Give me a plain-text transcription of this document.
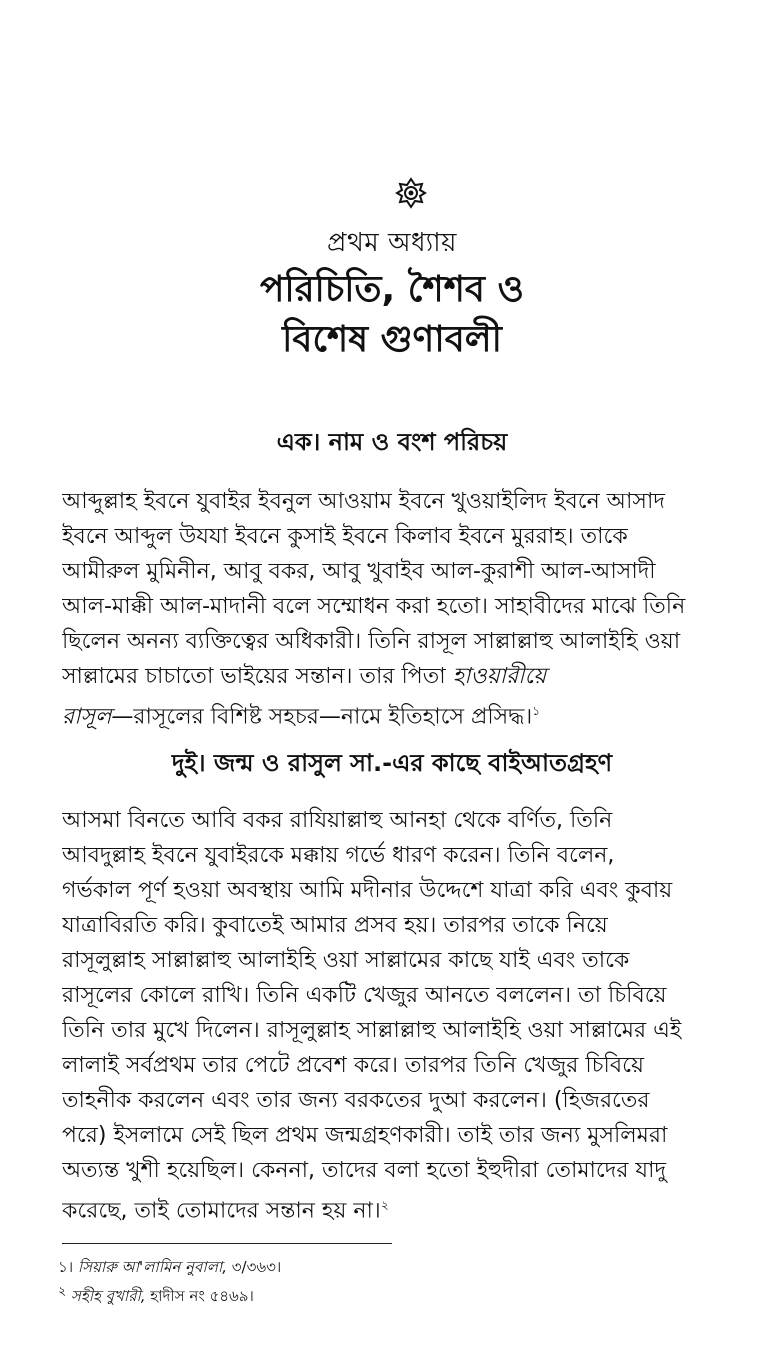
প্রথম অধ্যায়
পরিচিতি, শৈশব ও
বিশেষ গুণাবলী
এক। নাম ও বংশ পরিচয়
আব্দুল্লাহ ইবনে যুবাইর ইবনুল আওয়াম ইবনে খুওয়াইলিদ ইবনে আসাদ
ইবনে আব্দুল উযযা ইবনে কুসাই ইবনে কিলাব ইবনে মুররাহ। তাকে
আমীরুল মুমিনীন, আবু বকর, আবু খুবাইব আল-কুরাশী আল-আসাদী
আল-মাক্কী আল-মাদানী বলে সম্মোধন করা হতো। সাহাবীদের মাঝে তিনি
ছিলেন অনন্য ব্যক্তিত্বের অধিকারী। তিনি রাসূল সাল্লাল্লাহু আলাইহি ওয়া
সাল্লামের চাচাতো ভাইয়ের সন্তান। তার পিতা হাওয়ারীয়ে
রাসূল—রাসূলের বিশিষ্ট সহচর—নামে ইতিহাসে প্রসিদ্ধ।$^১$
দুই। জন্ম ও রাসুল সা.-এর কাছে বাইআতগ্রহণ
আসমা বিনতে আবি বকর রাযিয়াল্লাহু আনহা থেকে বর্ণিত, তিনি
আবদুল্লাহ ইবনে যুবাইরকে মক্কায় গর্ভে ধারণ করেন। তিনি বলেন,
গর্ভকাল পূর্ণ হওয়া অবস্থায় আমি মদীনার উদ্দেশে যাত্রা করি এবং কুবায়
যাত্রাবিরতি করি। কুবাতেই আমার প্রসব হয়। তারপর তাকে নিয়ে
রাসূলুল্লাহ সাল্লাল্লাহু আলাইহি ওয়া সাল্লামের কাছে যাই এবং তাকে
রাসূলের কোলে রাখি। তিনি একটি খেজুর আনতে বললেন। তা চিবিয়ে
তিনি তার মুখে দিলেন। রাসূলুল্লাহ সাল্লাল্লাহু আলাইহি ওয়া সাল্লামের এই
লালাই সর্বপ্রথম তার পেটে প্রবেশ করে। তারপর তিনি খেজুর চিবিয়ে
তাহনীক করলেন এবং তার জন্য বরকতের দুআ করলেন। (হিজরতের
পরে) ইসলামে সেই ছিল প্রথম জন্মগ্রহণকারী। তাই তার জন্য মুসলিমরা
অত্যন্ত খুশী হয়েছিল। কেননা, তাদের বলা হতো ইহুদীরা তোমাদের যাদু
করেছে, তাই তোমাদের সন্তান হয় না।$^২$
১। সিয়ারু আ'লামিন নুবালা, ৩/৩৬৩।
$^২$ সহীহ বুখারী, হাদীস নং ৫৪৬৯।
